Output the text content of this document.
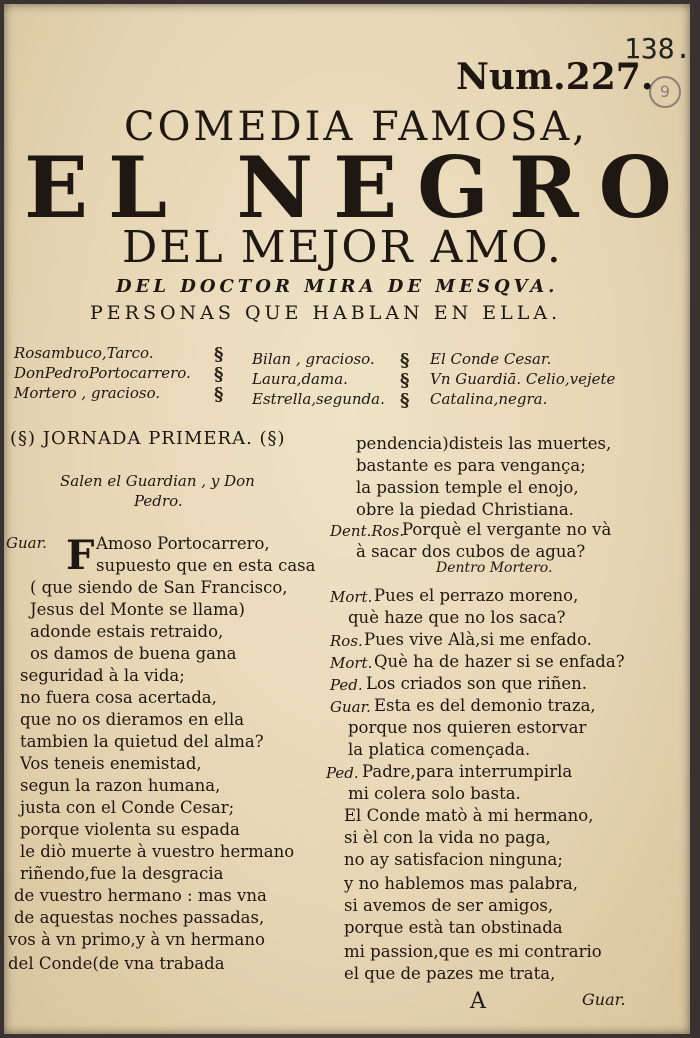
138.
9
Num.227.
COMEDIA FAMOSA,
EL NEGRO
DEL MEJOR AMO.
DEL DOCTOR MIRA DE MESQVA.
PERSONAS QUE HABLAN EN ELLA.
Rosambuco,Tarco.
DonPedroPortocarrero.
Mortero , gracioso.
§
§
§
Bilan , gracioso.
Laura,dama.
Estrella,segunda.
§
§
§
El Conde Cesar.
Vn Guardiā. Celio,vejete
Catalina,negra.
(§) JORNADA PRIMERA. (§)
Salen el Guardian , y Don
Pedro.
Guar. F Amoso Portocarrero,
supuesto que en esta casa
( que siendo de San Francisco,
Jesus del Monte se llama)
adonde estais retraido,
os damos de buena gana
seguridad à la vida;
no fuera cosa acertada,
que no os dieramos en ella
tambien la quietud del alma?
Vos teneis enemistad,
segun la razon humana,
justa con el Conde Cesar;
porque violenta su espada
le diò muerte à vuestro hermano
riñendo,fue la desgracia
de vuestro hermano : mas vna
de aquestas noches passadas,
vos à vn primo,y à vn hermano
del Conde(de vna trabada
pendencia)disteis las muertes,
bastante es para vengança;
la passion temple el enojo,
obre la piedad Christiana.
Dent.Ros.
Porquè el vergante no và
à sacar dos cubos de agua?
Dentro Mortero.
Mort. Pues el perrazo moreno,
què haze que no los saca?
Ros. Pues vive Alà,si me enfado.
Mort. Què ha de hazer si se enfada?
Ped. Los criados son que riñen.
Guar. Esta es del demonio traza,
porque nos quieren estorvar
la platica començada.
Ped. Padre,para interrumpirla
mi colera solo basta.
El Conde matò à mi hermano,
si èl con la vida no paga,
no ay satisfacion ninguna;
y no hablemos mas palabra,
si avemos de ser amigos,
porque està tan obstinada
mi passion,que es mi contrario
el que de pazes me trata,
A	Guar.
